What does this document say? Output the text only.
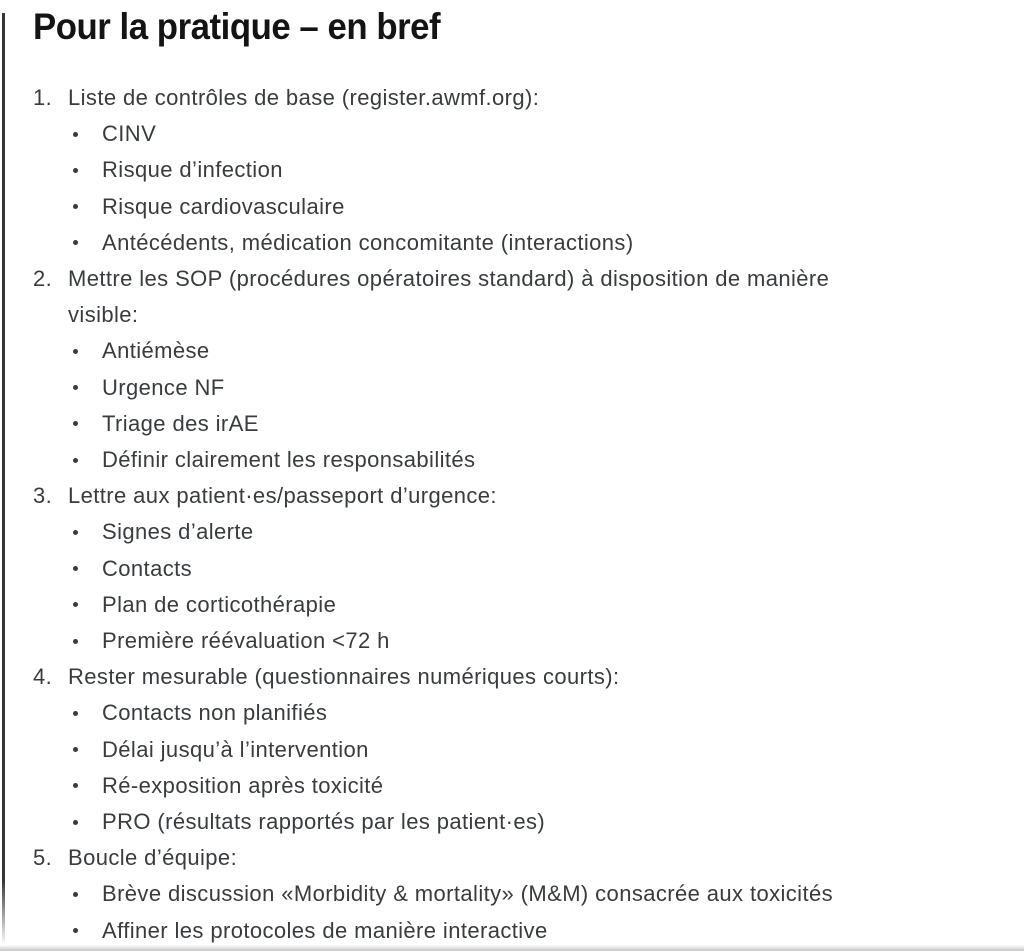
Pour la pratique – en bref
1. Liste de contrôles de base (register.awmf.org):
CINV
Risque d’infection
Risque cardiovasculaire
Antécédents, médication concomitante (interactions)
2. Mettre les SOP (procédures opératoires standard) à disposition de manière
visible:
Antiémèse
Urgence NF
Triage des irAE
Définir clairement les responsabilités
3. Lettre aux patient·es/passeport d’urgence:
Signes d’alerte
Contacts
Plan de corticothérapie
Première réévaluation <72 h
4. Rester mesurable (questionnaires numériques courts):
Contacts non planifiés
Délai jusqu’à l’intervention
Ré-exposition après toxicité
PRO (résultats rapportés par les patient·es)
5. Boucle d’équipe:
Brève discussion «Morbidity & mortality» (M&M) consacrée aux toxicités
Affiner les protocoles de manière interactive
